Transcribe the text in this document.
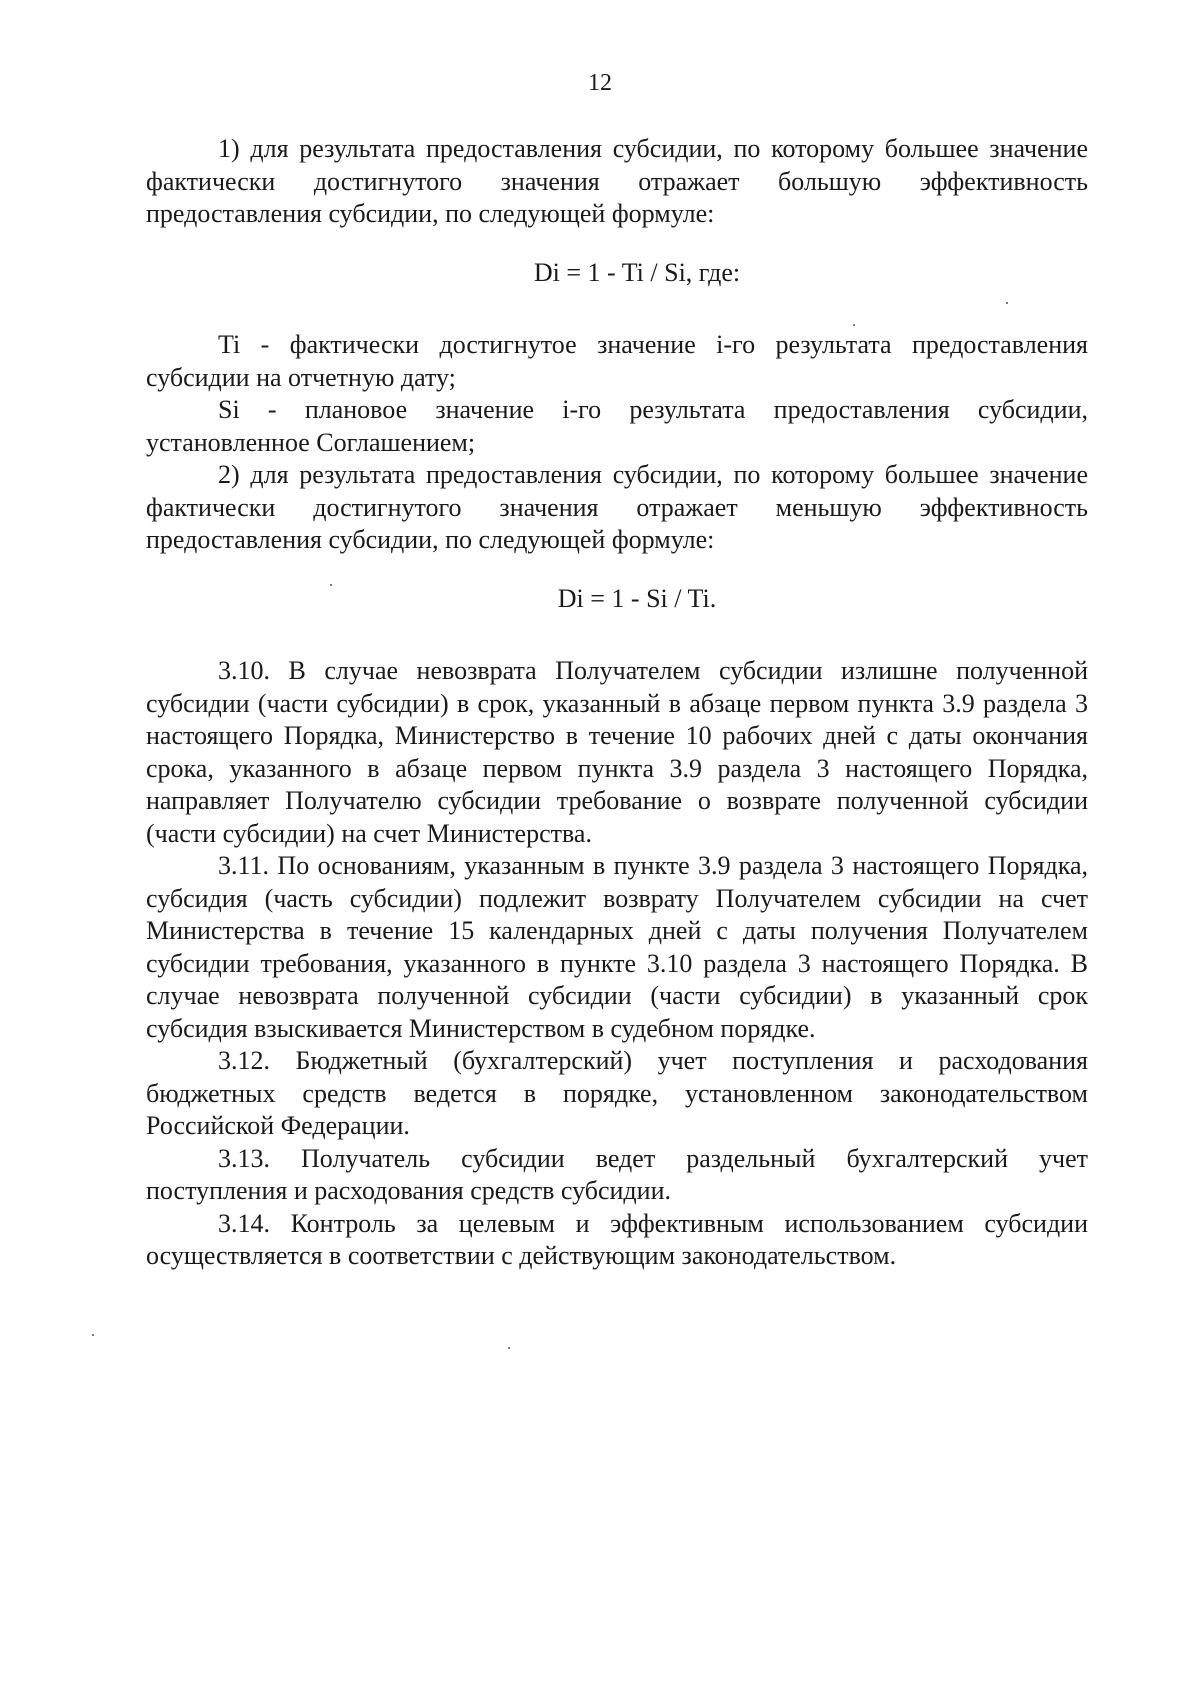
12

1) для результата предоставления субсидии, по которому большее значение фактически достигнутого значения отражает большую эффективность предоставления субсидии, по следующей формуле:

Di = 1 - Ti / Si, где:

Ti - фактически достигнутое значение i-го результата предоставления субсидии на отчетную дату;

Si - плановое значение i-го результата предоставления субсидии, установленное Соглашением;

2) для результата предоставления субсидии, по которому большее значение фактически достигнутого значения отражает меньшую эффективность предоставления субсидии, по следующей формуле:

Di = 1 - Si / Ti.

3.10. В случае невозврата Получателем субсидии излишне полученной субсидии (части субсидии) в срок, указанный в абзаце первом пункта 3.9 раздела 3 настоящего Порядка, Министерство в течение 10 рабочих дней с даты окончания срока, указанного в абзаце первом пункта 3.9 раздела 3 настоящего Порядка, направляет Получателю субсидии требование о возврате полученной субсидии (части субсидии) на счет Министерства.

3.11. По основаниям, указанным в пункте 3.9 раздела 3 настоящего Порядка, субсидия (часть субсидии) подлежит возврату Получателем субсидии на счет Министерства в течение 15 календарных дней с даты получения Получателем субсидии требования, указанного в пункте 3.10 раздела 3 настоящего Порядка. В случае невозврата полученной субсидии (части субсидии) в указанный срок субсидия взыскивается Министерством в судебном порядке.

3.12. Бюджетный (бухгалтерский) учет поступления и расходования бюджетных средств ведется в порядке, установленном законодательством Российской Федерации.

3.13. Получатель субсидии ведет раздельный бухгалтерский учет поступления и расходования средств субсидии.

3.14. Контроль за целевым и эффективным использованием субсидии осуществляется в соответствии с действующим законодательством.
